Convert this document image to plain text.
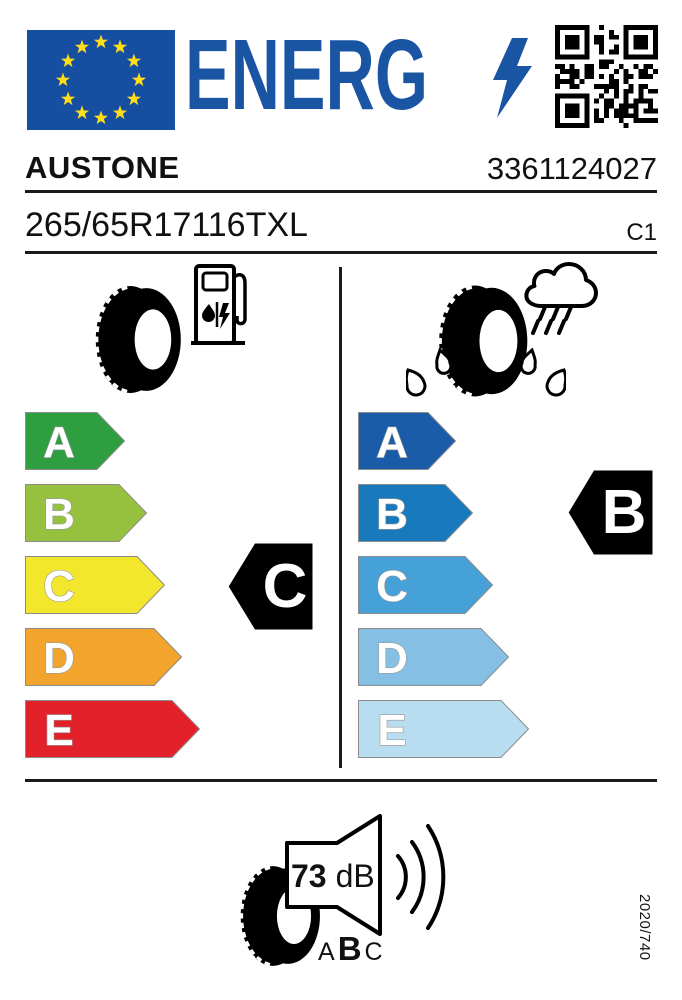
ENERG
AUSTONE	3361124027
265/65R17116TXL	C1
A
B
C
D
E
A
B
C
D
E
C
B
73 dB
A B C	2020/740
